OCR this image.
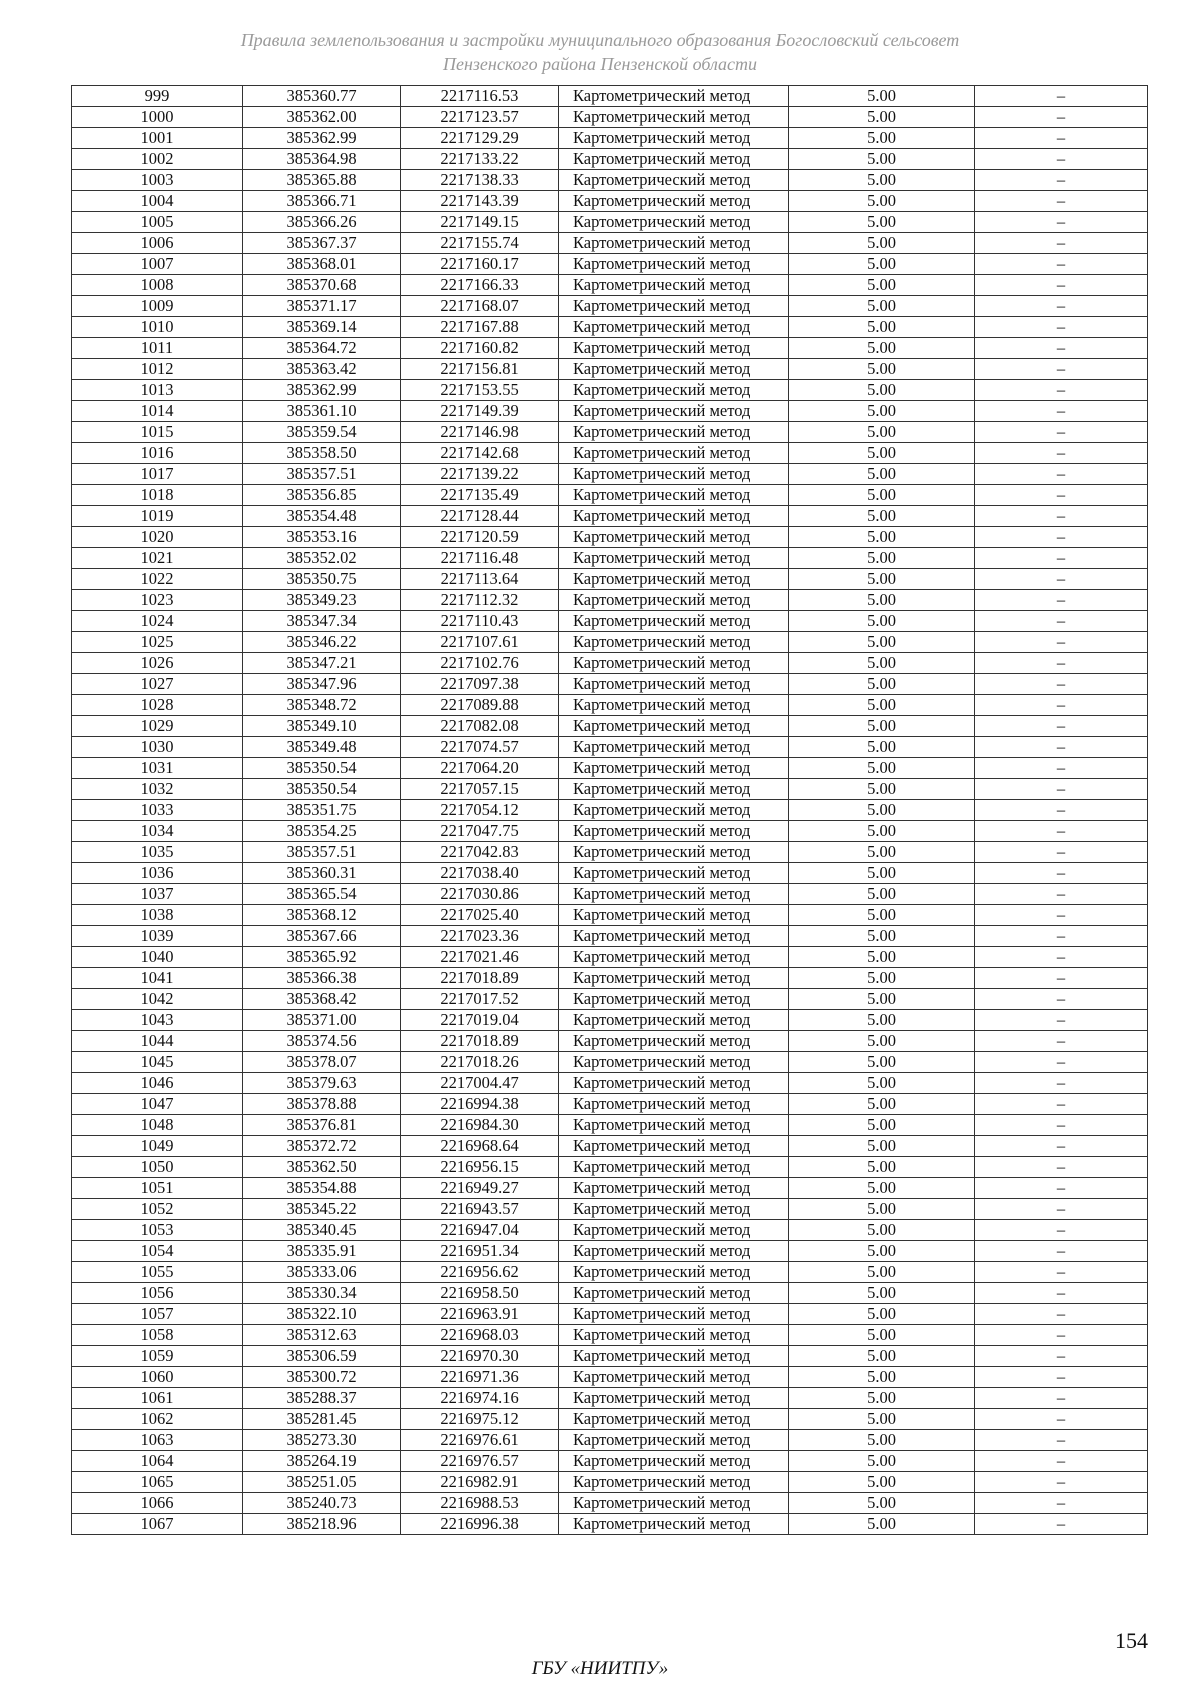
Правила землепользования и застройки муниципального образования Богословский сельсовет
Пензенского района Пензенской области
999	385360.77	2217116.53	Картометрический метод	5.00	–
1000	385362.00	2217123.57	Картометрический метод	5.00	–
1001	385362.99	2217129.29	Картометрический метод	5.00	–
1002	385364.98	2217133.22	Картометрический метод	5.00	–
1003	385365.88	2217138.33	Картометрический метод	5.00	–
1004	385366.71	2217143.39	Картометрический метод	5.00	–
1005	385366.26	2217149.15	Картометрический метод	5.00	–
1006	385367.37	2217155.74	Картометрический метод	5.00	–
1007	385368.01	2217160.17	Картометрический метод	5.00	–
1008	385370.68	2217166.33	Картометрический метод	5.00	–
1009	385371.17	2217168.07	Картометрический метод	5.00	–
1010	385369.14	2217167.88	Картометрический метод	5.00	–
1011	385364.72	2217160.82	Картометрический метод	5.00	–
1012	385363.42	2217156.81	Картометрический метод	5.00	–
1013	385362.99	2217153.55	Картометрический метод	5.00	–
1014	385361.10	2217149.39	Картометрический метод	5.00	–
1015	385359.54	2217146.98	Картометрический метод	5.00	–
1016	385358.50	2217142.68	Картометрический метод	5.00	–
1017	385357.51	2217139.22	Картометрический метод	5.00	–
1018	385356.85	2217135.49	Картометрический метод	5.00	–
1019	385354.48	2217128.44	Картометрический метод	5.00	–
1020	385353.16	2217120.59	Картометрический метод	5.00	–
1021	385352.02	2217116.48	Картометрический метод	5.00	–
1022	385350.75	2217113.64	Картометрический метод	5.00	–
1023	385349.23	2217112.32	Картометрический метод	5.00	–
1024	385347.34	2217110.43	Картометрический метод	5.00	–
1025	385346.22	2217107.61	Картометрический метод	5.00	–
1026	385347.21	2217102.76	Картометрический метод	5.00	–
1027	385347.96	2217097.38	Картометрический метод	5.00	–
1028	385348.72	2217089.88	Картометрический метод	5.00	–
1029	385349.10	2217082.08	Картометрический метод	5.00	–
1030	385349.48	2217074.57	Картометрический метод	5.00	–
1031	385350.54	2217064.20	Картометрический метод	5.00	–
1032	385350.54	2217057.15	Картометрический метод	5.00	–
1033	385351.75	2217054.12	Картометрический метод	5.00	–
1034	385354.25	2217047.75	Картометрический метод	5.00	–
1035	385357.51	2217042.83	Картометрический метод	5.00	–
1036	385360.31	2217038.40	Картометрический метод	5.00	–
1037	385365.54	2217030.86	Картометрический метод	5.00	–
1038	385368.12	2217025.40	Картометрический метод	5.00	–
1039	385367.66	2217023.36	Картометрический метод	5.00	–
1040	385365.92	2217021.46	Картометрический метод	5.00	–
1041	385366.38	2217018.89	Картометрический метод	5.00	–
1042	385368.42	2217017.52	Картометрический метод	5.00	–
1043	385371.00	2217019.04	Картометрический метод	5.00	–
1044	385374.56	2217018.89	Картометрический метод	5.00	–
1045	385378.07	2217018.26	Картометрический метод	5.00	–
1046	385379.63	2217004.47	Картометрический метод	5.00	–
1047	385378.88	2216994.38	Картометрический метод	5.00	–
1048	385376.81	2216984.30	Картометрический метод	5.00	–
1049	385372.72	2216968.64	Картометрический метод	5.00	–
1050	385362.50	2216956.15	Картометрический метод	5.00	–
1051	385354.88	2216949.27	Картометрический метод	5.00	–
1052	385345.22	2216943.57	Картометрический метод	5.00	–
1053	385340.45	2216947.04	Картометрический метод	5.00	–
1054	385335.91	2216951.34	Картометрический метод	5.00	–
1055	385333.06	2216956.62	Картометрический метод	5.00	–
1056	385330.34	2216958.50	Картометрический метод	5.00	–
1057	385322.10	2216963.91	Картометрический метод	5.00	–
1058	385312.63	2216968.03	Картометрический метод	5.00	–
1059	385306.59	2216970.30	Картометрический метод	5.00	–
1060	385300.72	2216971.36	Картометрический метод	5.00	–
1061	385288.37	2216974.16	Картометрический метод	5.00	–
1062	385281.45	2216975.12	Картометрический метод	5.00	–
1063	385273.30	2216976.61	Картометрический метод	5.00	–
1064	385264.19	2216976.57	Картометрический метод	5.00	–
1065	385251.05	2216982.91	Картометрический метод	5.00	–
1066	385240.73	2216988.53	Картометрический метод	5.00	–
1067	385218.96	2216996.38	Картометрический метод	5.00	–
154
ГБУ «НИИТПУ»
